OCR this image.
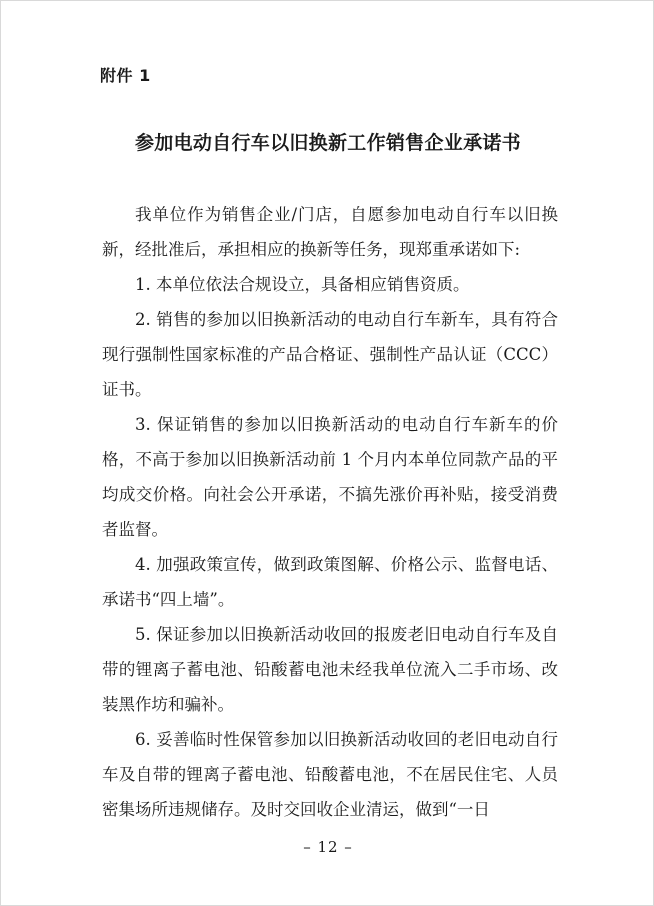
附件 1
参加电动自行车以旧换新工作销售企业承诺书

我单位作为销售企业/门店，自愿参加电动自行车以旧换新，经批准后，承担相应的换新等任务，现郑重承诺如下:

1. 本单位依法合规设立，具备相应销售资质。

2. 销售的参加以旧换新活动的电动自行车新车，具有符合现行强制性国家标准的产品合格证、强制性产品认证（CCC）证书。

3. 保证销售的参加以旧换新活动的电动自行车新车的价格，不高于参加以旧换新活动前 1 个月内本单位同款产品的平均成交价格。向社会公开承诺，不搞先涨价再补贴，接受消费者监督。

4. 加强政策宣传，做到政策图解、价格公示、监督电话、承诺书“四上墙”。

5. 保证参加以旧换新活动收回的报废老旧电动自行车及自带的锂离子蓄电池、铅酸蓄电池未经我单位流入二手市场、改装黑作坊和骗补。

6. 妥善临时性保管参加以旧换新活动收回的老旧电动自行车及自带的锂离子蓄电池、铅酸蓄电池，不在居民住宅、人员密集场所违规储存。及时交回收企业清运，做到“一日

– 12 –
